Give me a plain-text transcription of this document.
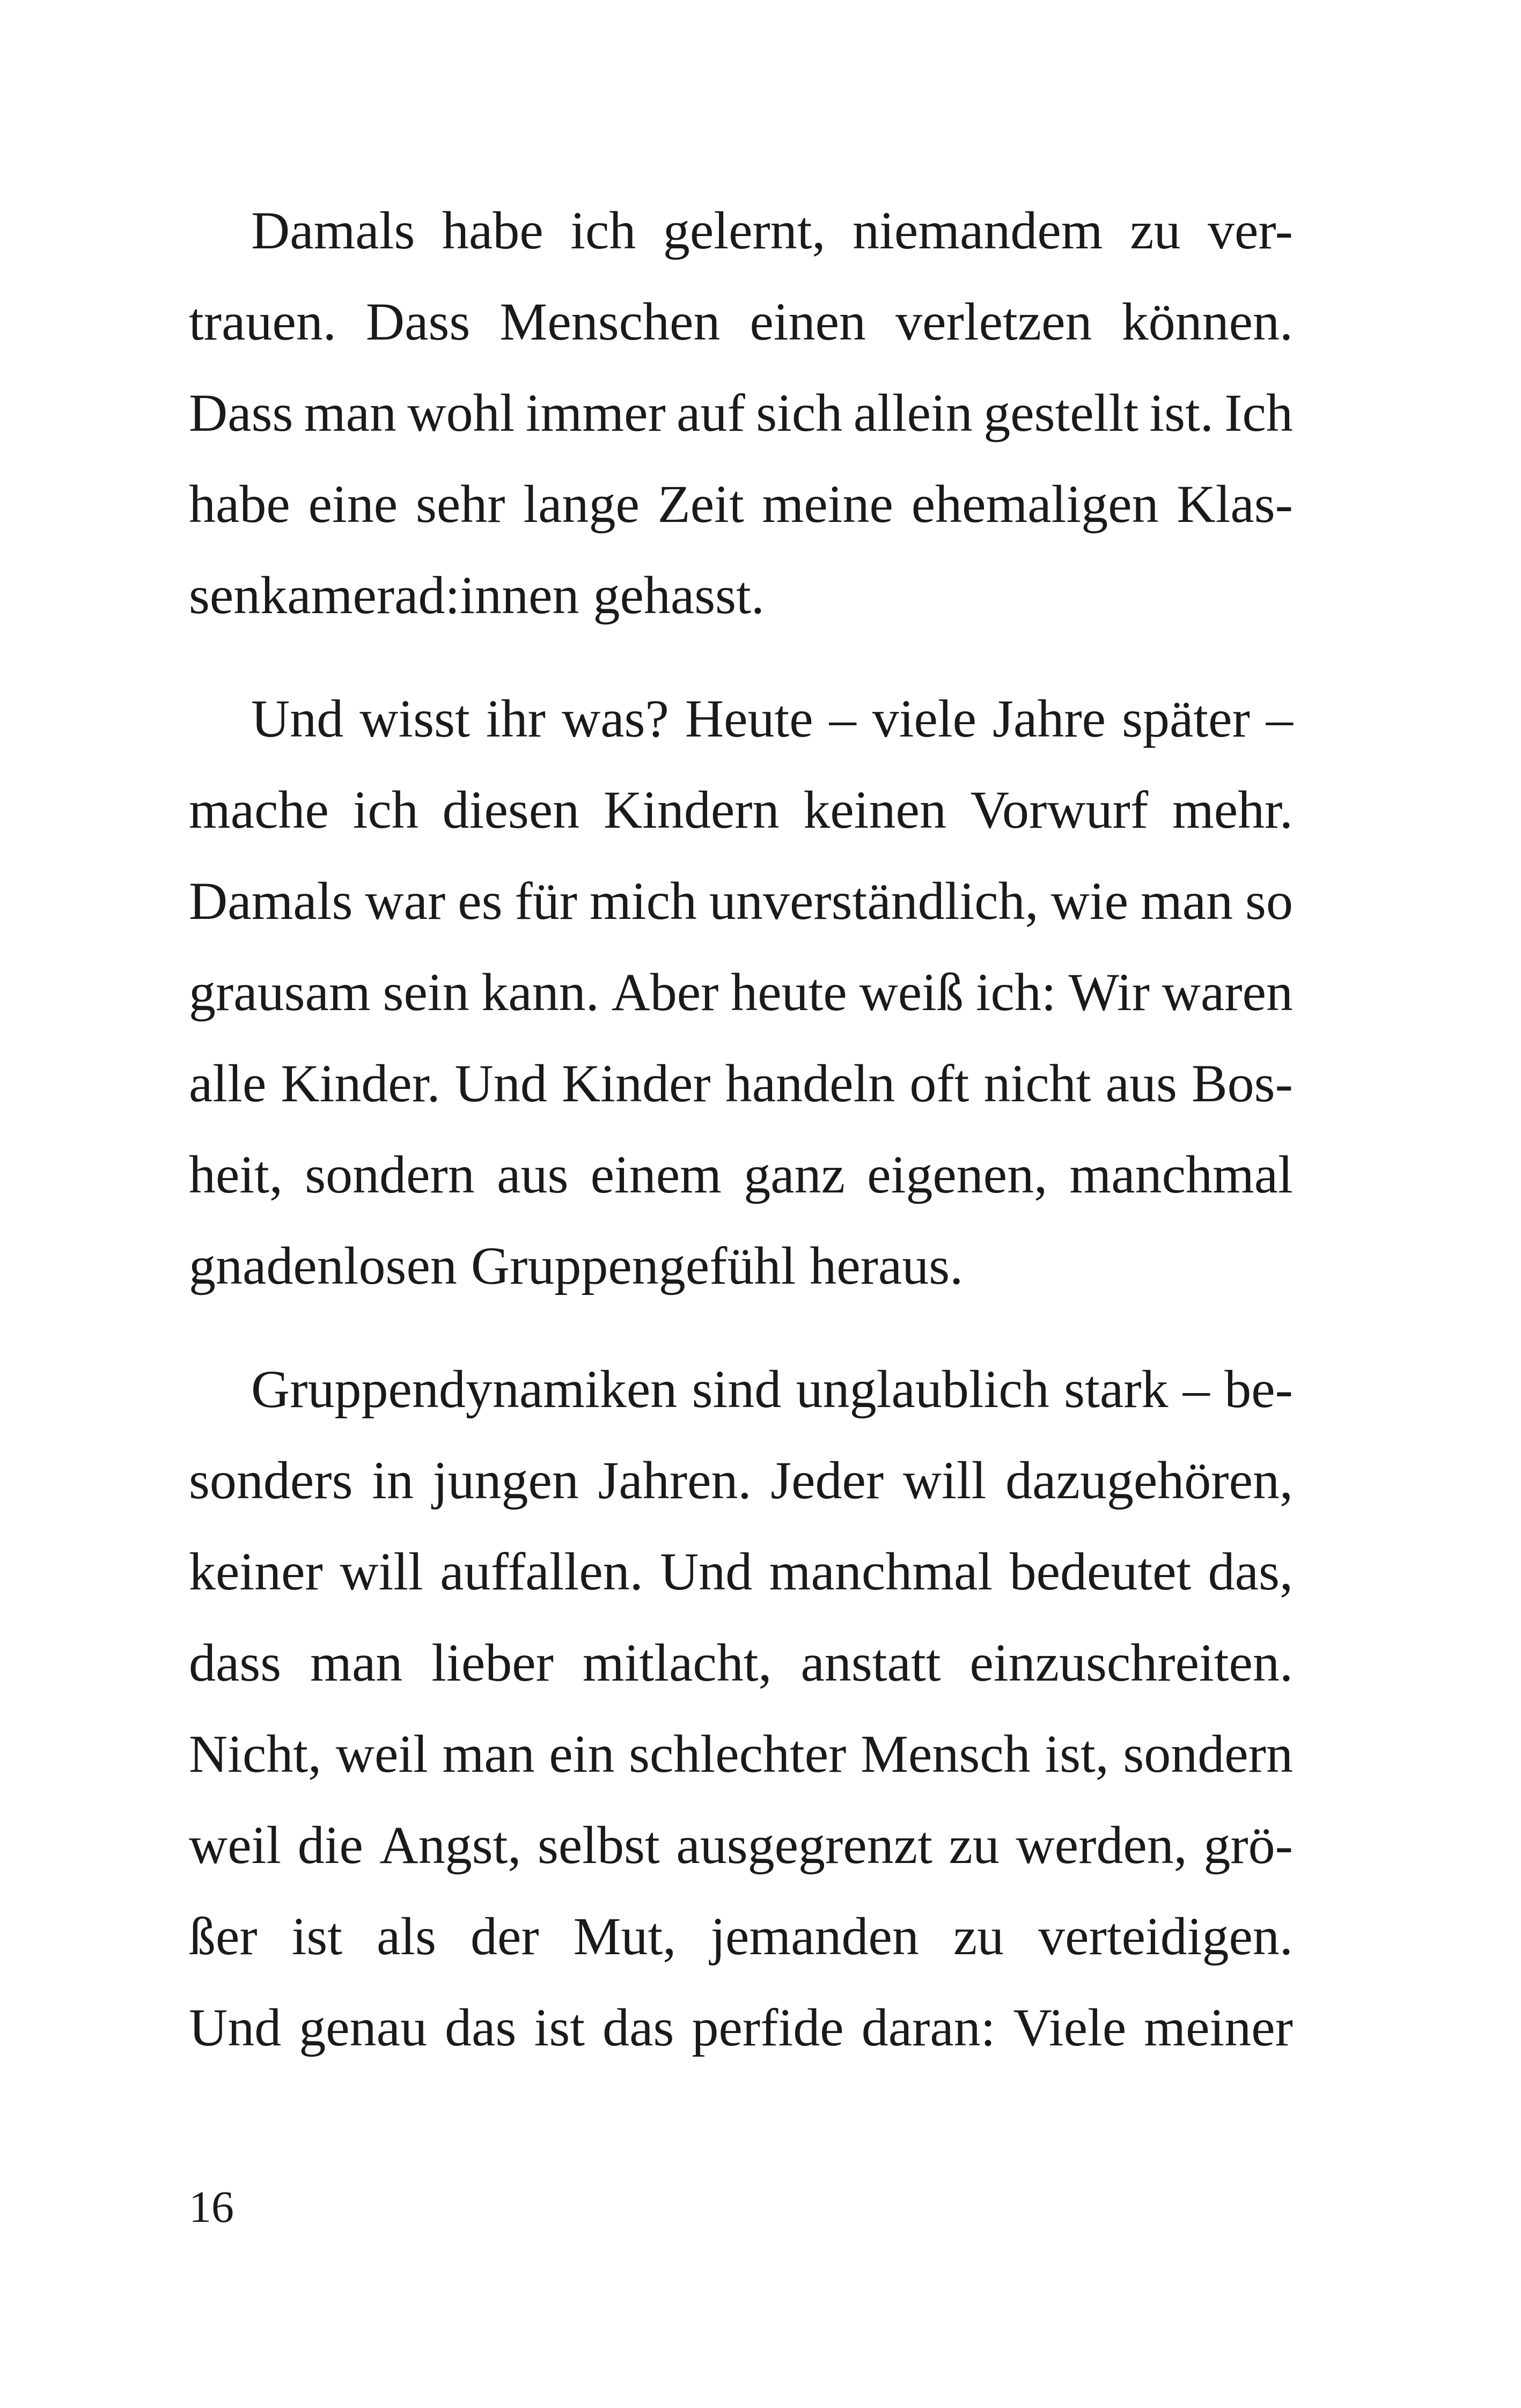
Damals habe ich gelernt, niemandem zu ver-
trauen. Dass Menschen einen verletzen können.
Dass man wohl immer auf sich allein gestellt ist. Ich
habe eine sehr lange Zeit meine ehemaligen Klas-
senkamerad:innen gehasst.
Und wisst ihr was? Heute – viele Jahre später –
mache ich diesen Kindern keinen Vorwurf mehr.
Damals war es für mich unverständlich, wie man so
grausam sein kann. Aber heute weiß ich: Wir waren
alle Kinder. Und Kinder handeln oft nicht aus Bos-
heit, sondern aus einem ganz eigenen, manchmal
gnadenlosen Gruppengefühl heraus.
Gruppendynamiken sind unglaublich stark – be-
sonders in jungen Jahren. Jeder will dazugehören,
keiner will auffallen. Und manchmal bedeutet das,
dass man lieber mitlacht, anstatt einzuschreiten.
Nicht, weil man ein schlechter Mensch ist, sondern
weil die Angst, selbst ausgegrenzt zu werden, grö-
ßer ist als der Mut, jemanden zu verteidigen.
Und genau das ist das perfide daran: Viele meiner
16
